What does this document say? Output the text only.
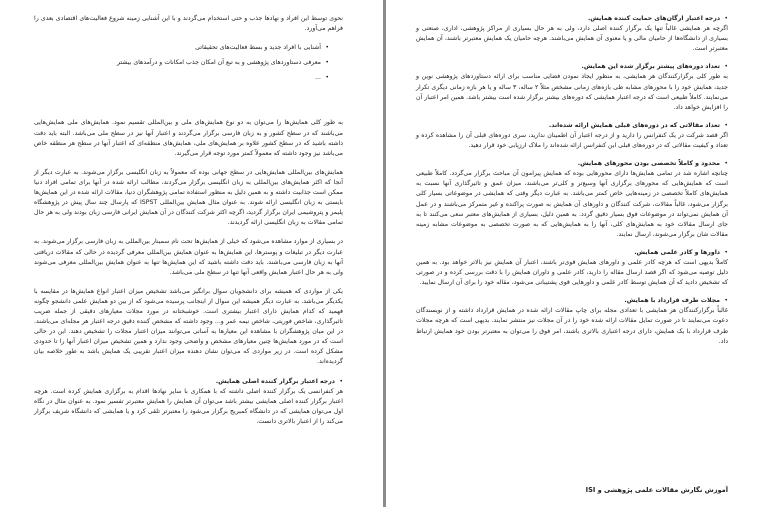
نحوی توسط این افراد و نهادها جذب و حتی استخدام می‌گردند و با این آشنایی زمینه شروع فعالیت‌های اقتصادی بعدی را فراهم می‌آورد.

• آشنایی با افراد جدید و بسط فعالیت‌های تحقیقاتی
• معرفی دستاوردهای پژوهشی و به تبع آن امکان جذب امکانات و درآمدهای بیشتر
• ...

به طور کلی همایش‌ها را می‌توان به دو نوع همایش‌های ملی و بین‌المللی تقسیم نمود. همایش‌های ملی همایش‌هایی می‌باشند که در سطح کشور و به زبان فارسی برگزار می‌گردند و اعتبار آنها نیز در سطح ملی می‌باشد. البته باید دقت داشته باشید که در سطح کشور علاوه بر همایش‌های ملی، همایش‌های منطقه‌ای که اعتبار آنها در سطح هر منطقه خاص می‌باشد نیز وجود داشته که معمولاً کمتر مورد توجه قرار می‌گیرند.

همایش‌های بین‌المللی همایش‌هایی در سطح جهانی بوده که معمولاً به زبان انگلیسی برگزار می‌شوند. به عبارت دیگر از آنجا که اکثر همایش‌های بین‌المللی به زبان انگلیسی برگزار می‌گردند، مطالب ارائه شده در آنها برای تمامی افراد دنیا ممکن است جذابیت داشته و به همین دلیل به منظور استفاده تمامی پژوهشگران دنیا، مقالات ارائه شده در این همایش‌ها بایستی به زبان انگلیسی ارائه شوند. به عنوان مثال همایش بین‌المللی ISPST که پارسال چند سال پیش در پژوهشگاه پلیمر و پتروشیمی ایران برگزار گردید، اگرچه اکثر شرکت کنندگان در آن همایش ایرانی فارسی زبان بودند ولی به هر حال تمامی مقالات به زبان انگلیسی ارائه گردیدند.

در بسیاری از موارد مشاهده می‌شود که خیلی از همایش‌ها تحت نام سمینار بین‌المللی به زبان فارسی برگزار می‌شوند. به عبارت دیگر در تبلیغات و پوسترها، این همایش‌ها به عنوان همایش بین‌المللی معرفی گردیده در حالی که مقالات دریافتی آنها به زبان فارسی می‌باشند. باید دقت داشته باشید که این همایش‌ها تنها به عنوان همایش بین‌المللی معرفی می‌شوند ولی به هر حال اعتبار همایش واقعی آنها تنها در سطح ملی می‌باشد.

یکی از مواردی که همیشه برای دانشجویان سوال برانگیز می‌باشد تشخیص میزان اعتبار انواع همایش‌ها در مقایسه با یکدیگر می‌باشد. به عبارت دیگر همیشه این سوال از اینجانب پرسیده می‌شود که از بین دو همایش علمی دانشجو چگونه فهمید که کدام همایش دارای اعتبار بیشتری است. خوشبختانه در مورد مجلات معیارهای دقیقی از جمله ضریب تاثیرگذاری، شاخص فوریتی، شاخص نیمه عمر و... وجود داشته که مشخص کننده دقیق درجه اعتبار هر مجله‌ای می‌باشند. در این میان پژوهشگران با مشاهده این معیارها به آسانی می‌توانند میزان اعتبار مجلات را تشخیص دهند. این در حالی است که در مورد همایش‌ها چنین معیارهای مشخص و واضحی وجود ندارد و همین تشخیص میزان اعتبار آنها را تا حدودی مشکل کرده است. در زیر مواردی که می‌توان نشان دهنده میزان اعتبار تقریبی یک همایش باشد به طور خلاصه بیان گردیده‌اند.

• درجه اعتبار برگزار کننده اصلی همایش.
هر کنفرانسی یک برگزار کننده اصلی داشته که با همکاری با سایر نهادها اقدام به برگزاری همایش کرده است. هرچه اعتبار برگزار کننده اصلی همایشی بیشتر باشد می‌توان آن همایش را همایش معتبرتر تفسیر نمود. به عنوان مثال در نگاه اول می‌توان همایشی که در دانشگاه کمبریج برگزار می‌شود را معتبرتر تلقی کرد و یا همایشی که دانشگاه شریف برگزار می‌کند را از اعتبار بالاتری دانست.
• درجه اعتبار ارگان‌های حمایت کننده همایش.
اگرچه هر همایشی غالباً تنها یک برگزار کننده اصلی دارد، ولی به هر حال بسیاری از مراکز پژوهشی، اداری، صنعتی و بسیاری از دانشگاه‌ها از حامیان مالی و یا معنوی آن همایش می‌باشند. هرچه حامیان یک همایش معتبرتر باشند، آن همایش معتبرتر است.
• تعداد دوره‌های پیشتر برگزار شده این همایش.
به طور کلی برگزارکنندگان هر همایشی، به منظور ایجاد نمودن فضایی مناسب برای ارائه دستاوردهای پژوهشی نوین و جدید، همایش خود را با محورهای مشابه طی بازه‌های زمانی مشخص مثلاً ۲ ساله، ۳ ساله و یا هر بازه زمانی دیگری تکرار می‌نمایند. کاملاً طبیعی است که درجه اعتبار همایشی که دوره‌های بیشتر برگزار شده است بیشتر باشد. همین امر اعتبار آن را افزایش خواهد داد.
• تعداد مقالاتی که در دوره‌های قبلی همایش ارائه شده‌اند.
اگر قصد شرکت در یک کنفرانس را دارید و از درجه اعتبار آن اطمینان ندارید، سری دوره‌های قبلی آن را مشاهده کرده و تعداد و کیفیت مقالاتی که در دوره‌های قبلی این کنفرانس ارائه شده‌اند را ملاک ارزیابی خود قرار دهید.
• محدود و کاملاً تخصصی بودن محورهای همایش.
چنانچه اشاره شد در تمامی همایش‌ها دارای محورهایی بوده که همایش پیرامون آن مباحث برگزار می‌گردد. کاملاً طبیعی است که همایش‌هایی که محورهای برگزاری آنها وسیع‌تر و کلی‌تر می‌باشند، میزان عمق و تاثیرگذاری آنها نسبت به همایش‌های کاملاً تخصصی در زمینه‌هایی خاص کمتر می‌باشد. به عبارت دیگر وقتی که همایشی در موضوعاتی بسیار کلی برگزار می‌شود، غالباً مقالات، شرکت کنندگان و داورهای آن همایش به صورت پراکنده و غیر متمرکز می‌باشند و در عمل آن همایش نمی‌تواند در موضوعات فوق بسیار دقیق گردد. به همین دلیل، بسیاری از همایش‌های معتبر سعی می‌کنند تا به جای ارسال مقالات خود به همایش‌های کلی، آنها را به همایش‌هایی که به صورت تخصصی به موضوعات مشابه زمینه مقالات شان برگزار می‌شوند، ارسال نمایند.
• داورها و کادر علمی همایش.
کاملاً بدیهی است که هرچه کادر علمی و داورهای همایش قوی‌تر باشند، اعتبار آن همایش نیز بالاتر خواهد بود. به همین دلیل توصیه می‌شود که اگر قصد ارسال مقاله را دارید، کادر علمی و داوران همایش را با دقت بررسی کرده و در صورتی که تشخیص دادید که آن همایش توسط کادر علمی و داورهایی قوی پشتیبانی می‌شود، مقاله خود را برای آن ارسال نمایید.
• مجلات طرف قرارداد با همایش.
غالباً برگزارکنندگان هر همایشی با تعدادی مجله برای چاپ مقالات ارائه شده در همایش قرارداد داشته و از نویسندگان دعوت می‌نمایند تا در صورت تمایل مقالات ارائه شده خود را در آن مجلات نیز منتشر نمایند. بدیهی است که هرچه مجلات طرف قرارداد با یک همایش، دارای درجه اعتباری بالاتری باشند، امر فوق را می‌توان به معتبرتر بودن خود همایش ارتباط داد.
آموزش نگارش مقالات علمی پژوهشی و ISI
